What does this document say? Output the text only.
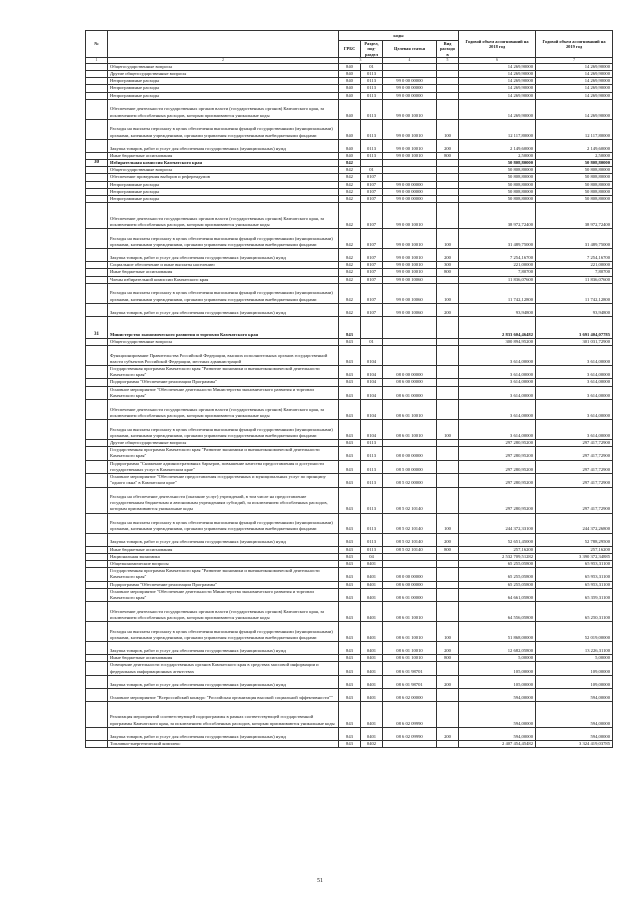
№		коды				Годовой объем ассигнований на 2018 год	Годовой объем ассигнований на 2019 год
		ГРБС	Раздел, под-раздел	Целевая статья	Вид расходов		
1	2	3		4	5	6	7
	Общегосударственные вопросы	840	01			14 269,90000	14 269,90000
	Другие общегосударственные вопросы	840	0113			14 269,90000	14 269,90000
	Непрограммные расходы	840	0113	99 0 00 00000		14 269,90000	14 269,90000
	Непрограммные расходы	840	0113	99 0 00 00000		14 269,90000	14 269,90000
	Непрограммные расходы	840	0113	99 0 00 00000		14 269,90000	14 269,90000
	Обеспечение деятельности государственных органов власти (государственных органов) Камчатского края, за исключением обособленных расходов, которым присваиваются уникальные коды	840	0113	99 0 00 10010		14 269,90000	14 269,90000
	Расходы на выплаты персоналу в целях обеспечения выполнения функций государственными (муниципальными) органами, казенными учреждениями, органами управления государственными внебюджетными фондами	840	0113	99 0 00 10010	100	12 117,80000	12 117,80000
	Закупка товаров, работ и услуг для обеспечения государственных (муниципальных) нужд	840	0113	99 0 00 10010	200	2 149,60000	2 149,60000
	Иные бюджетные ассигнования	840	0113	99 0 00 10010	800	2,50000	2,50000
30	Избирательная комиссия Камчатского края	842				50 808,80000	50 808,80000
	Общегосударственные вопросы	842	01			50 808,80000	50 808,80000
	Обеспечение проведения выборов и референдумов	842	0107			50 808,80000	50 808,80000
	Непрограммные расходы	842	0107	99 0 00 00000		50 808,80000	50 808,80000
	Непрограммные расходы	842	0107	99 0 00 00000		50 808,80000	50 808,80000
	Непрограммные расходы	842	0107	99 0 00 00000		50 808,80000	50 808,80000
	Обеспечение деятельности государственных органов власти (государственных органов) Камчатского края, за исключением обособленных расходов, которым присваиваются уникальные коды	842	0107	99 0 00 10010		38 972,72400	38 972,72400
	Расходы на выплаты персоналу в целях обеспечения выполнения функций государственными (муниципальными) органами, казенными учреждениями, органами управления государственными внебюджетными фондами	842	0107	99 0 00 10010	100	31 489,75000	31 489,75000
	Закупка товаров, работ и услуг для обеспечения государственных (муниципальных) нужд	842	0107	99 0 00 10010	200	7 254,16700	7 254,16700
	Социальное обеспечение и иные выплаты населению	842	0107	99 0 00 10010	300	221,00000	221,00000
	Иные бюджетные ассигнования	842	0107	99 0 00 10010	800	7,80700	7,80700
	Члены избирательной комиссии Камчатского края	842	0107	99 0 00 10060		11 836,07600	11 836,07600
	Расходы на выплаты персоналу в целях обеспечения выполнения функций государственными (муниципальными) органами, казенными учреждениями, органами управления государственными внебюджетными фондами	842	0107	99 0 00 10060	100	11 742,12800	11 742,12800
	Закупка товаров, работ и услуг для обеспечения государственных (муниципальных) нужд	842	0107	99 0 00 10060	200	93,94800	93,94800
31	Министерство экономического развития и торговли Камчатского края	843				2 833 604,46482	3 691 404,07785
	Общегосударственные вопросы	843	01			300 894,95200	301 031,72900
	Функционирование Правительства Российской Федерации, высших исполнительных органов государственной власти субъектов Российской Федерации, местных администраций	843	0104			3 614,00000	3 614,00000
	Государственная программа Камчатского края "Развитие экономики и внешнеэкономической деятельности Камчатского края"	843	0104	08 0 00 00000		3 614,00000	3 614,00000
	Подпрограмма "Обеспечение реализации Программы"	843	0104	08 6 00 00000		3 614,00000	3 614,00000
	Основное мероприятие "Обеспечение деятельности Министерства экономического развития и торговли Камчатского края"	843	0104	08 6 01 00000		3 614,00000	3 614,00000
	Обеспечение деятельности государственных органов власти (государственных органов) Камчатского края, за исключением обособленных расходов, которым присваиваются уникальные коды	843	0104	08 6 01 10010		3 614,00000	3 614,00000
	Расходы на выплаты персоналу в целях обеспечения выполнения функций государственными (муниципальными) органами, казенными учреждениями, органами управления государственными внебюджетными фондами	843	0104	08 6 01 10010	100	3 614,00000	3 614,00000
	Другие общегосударственные вопросы	843	0113			297 280,95200	297 417,72900
	Государственная программа Камчатского края "Развитие экономики и внешнеэкономической деятельности Камчатского края"	843	0113	08 0 00 00000		297 280,95200	297 417,72900
	Подпрограмма "Снижение административных барьеров, повышение качества предоставления и доступности государственных услуг в Камчатском крае"	843	0113	08 5 00 00000		297 280,95200	297 417,72900
	Основное мероприятие "Обеспечение предоставления государственных и муниципальных услуг по принципу "одного окна" в Камчатском крае"	843	0113	08 5 02 00000		297 280,95200	297 417,72900
	Расходы на обеспечение деятельности (оказание услуг) учреждений, в том числе на предоставление государственным бюджетным и автономным учреждениям субсидий, за исключением обособленных расходов, которым присваиваются уникальные коды	843	0113	08 5 02 10140		297 280,95200	297 417,72900
	Расходы на выплаты персоналу в целях обеспечения выполнения функций государственными (муниципальными) органами, казенными учреждениями, органами управления государственными внебюджетными фондами	843	0113	08 5 02 10140	100	244 372,33100	244 372,26800
	Закупка товаров, работ и услуг для обеспечения государственных (муниципальных) нужд	843	0113	08 5 02 10140	200	52 651,45000	52 788,29500
	Иные бюджетные ассигнования	843	0113	08 5 02 10140	800	257,16200	257,16200
	Национальная экономика	843	04			2 532 709,51282	3 390 372,34885
	Общеэкономические вопросы	843	0401			65 255,05800	65 953,31100
	Государственная программа Камчатского края "Развитие экономики и внешнеэкономической деятельности Камчатского края"	843	0401	08 0 00 00000		65 255,05800	65 953,31100
	Подпрограмма "Обеспечение реализации Программы"	843	0401	08 6 00 00000		65 255,05800	65 953,31100
	Основное мероприятие "Обеспечение деятельности Министерства экономического развития и торговли Камчатского края"	843	0401	08 6 01 00000		64 661,05800	65 359,31100
	Обеспечение деятельности государственных органов власти (государственных органов) Камчатского края, за исключением обособленных расходов, которым присваиваются уникальные коды	843	0401	08 6 01 10010		64 556,05800	65 250,31100
	Расходы на выплаты персоналу в целях обеспечения выполнения функций государственными (муниципальными) органами, казенными учреждениями, органами управления государственными внебюджетными фондами	843	0401	08 6 01 10010	100	51 868,00000	52 019,00000
	Закупка товаров, работ и услуг для обеспечения государственных (муниципальных) нужд	843	0401	08 6 01 10010	200	12 682,05800	13 226,31100
	Иные бюджетные ассигнования	843	0401	08 6 01 10010	800	5,00000	5,00000
	Освещение деятельности государственных органов Камчатского края в средствах массовой информации и федеральных информационных агентствах	843	0401	08 6 01 98701		105,00000	109,00000
	Закупка товаров, работ и услуг для обеспечения государственных (муниципальных) нужд	843	0401	08 6 01 98701	200	105,00000	109,00000
	Основное мероприятие "Всероссийский конкурс "Российская организация высокой социальной эффективности""	843	0401	08 6 02 00000		594,00000	594,00000
	Реализация мероприятий соответствующей подпрограммы в рамках соответствующей государственной программы Камчатского края, за исключением обособленных расходов, которым присваиваются уникальные коды	843	0401	08 6 02 09990		594,00000	594,00000
	Закупка товаров, работ и услуг для обеспечения государственных (муниципальных) нужд	843	0401	08 6 02 09990	200	594,00000	594,00000
	Топливно-энергетический комплекс	843	0402			2 407 454,45482	3 324 419,03785
51
